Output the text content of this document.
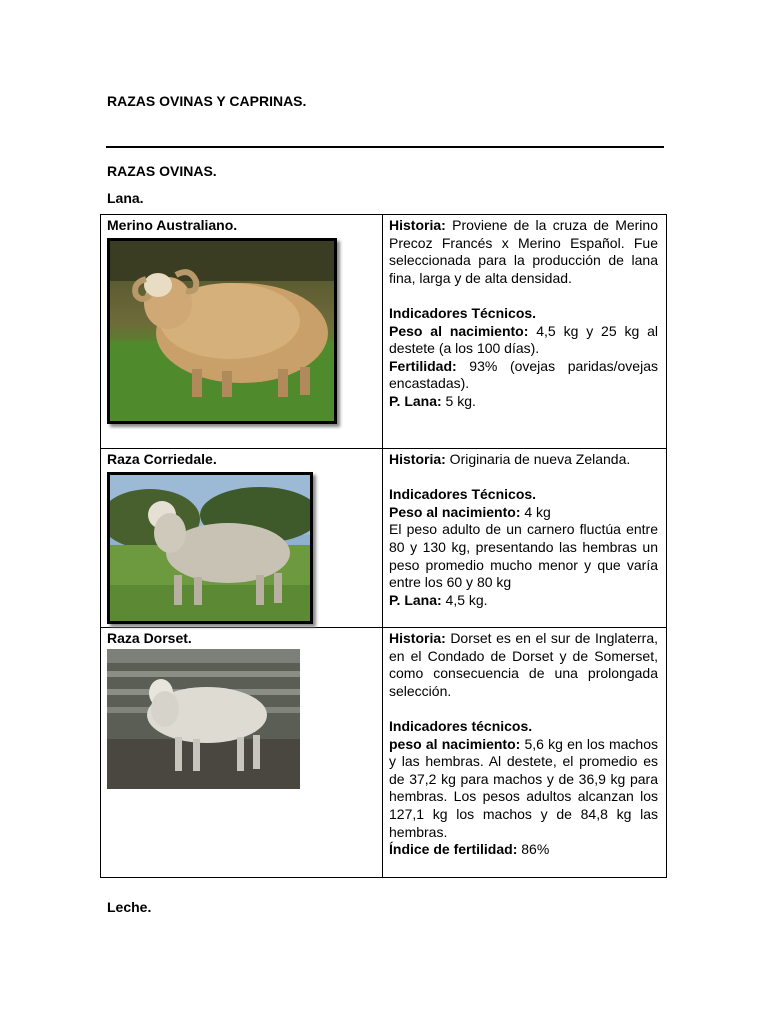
RAZAS OVINAS Y CAPRINAS.
RAZAS OVINAS.
Lana.
Merino Australiano.	Historia: Proviene de la cruza de Merino Precoz Francés x Merino Español. Fue seleccionada para la producción de lana fina, larga y de alta densidad.
Indicadores Técnicos.
Peso al nacimiento: 4,5 kg y 25 kg al destete (a los 100 días).
Fertilidad: 93% (ovejas paridas/ovejas encastadas).
P. Lana: 5 kg.

Raza Corriedale.	Historia: Originaria de nueva Zelanda.
Indicadores Técnicos.
Peso al nacimiento: 4 kg
El peso adulto de un carnero fluctúa entre 80 y 130 kg, presentando las hembras un peso promedio mucho menor y que varía entre los 60 y 80 kg
P. Lana: 4,5 kg.

Raza Dorset.	Historia: Dorset es en el sur de Inglaterra, en el Condado de Dorset y de Somerset, como consecuencia de una prolongada selección.
Indicadores técnicos.
peso al nacimiento: 5,6 kg en los machos y las hembras. Al destete, el promedio es de 37,2 kg para machos y de 36,9 kg para hembras. Los pesos adultos alcanzan los 127,1 kg los machos y de 84,8 kg las hembras.
Índice de fertilidad: 86%
Leche.
